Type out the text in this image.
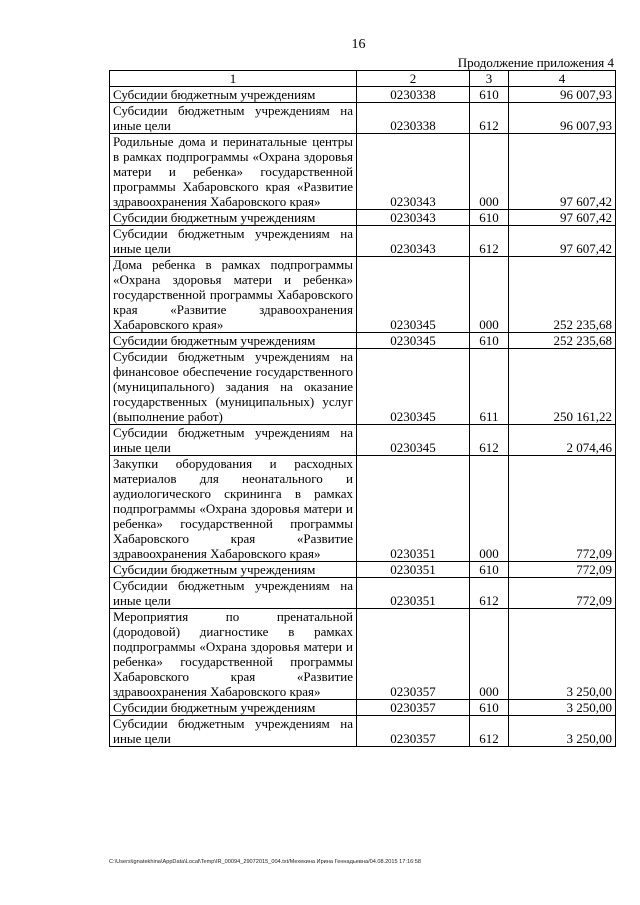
16
Продолжение приложения 4
1	2	3	4
Субсидии бюджетным учреждениям	0230338	610	96 007,93
Субсидии бюджетным учреждениям на иные цели	0230338	612	96 007,93
Родильные дома и перинатальные центры в рамках подпрограммы «Охрана здоровья матери и ребенка» государственной программы Хабаровского края «Развитие здравоохранения Хабаровского края»	0230343	000	97 607,42
Субсидии бюджетным учреждениям	0230343	610	97 607,42
Субсидии бюджетным учреждениям на иные цели	0230343	612	97 607,42
Дома ребенка в рамках подпрограммы «Охрана здоровья матери и ребенка» государственной программы Хабаровского края «Развитие здравоохранения Хабаровского края»	0230345	000	252 235,68
Субсидии бюджетным учреждениям	0230345	610	252 235,68
Субсидии бюджетным учреждениям на финансовое обеспечение государственного (муниципального) задания на оказание государственных (муниципальных) услуг (выполнение работ)	0230345	611	250 161,22
Субсидии бюджетным учреждениям на иные цели	0230345	612	2 074,46
Закупки оборудования и расходных материалов для неонатального и аудиологического скрининга в рамках подпрограммы «Охрана здоровья матери и ребенка» государственной программы Хабаровского края «Развитие здравоохранения Хабаровского края»	0230351	000	772,09
Субсидии бюджетным учреждениям	0230351	610	772,09
Субсидии бюджетным учреждениям на иные цели	0230351	612	772,09
Мероприятия по пренатальной (дородовой) диагностике в рамках подпрограммы «Охрана здоровья матери и ребенка» государственной программы Хабаровского края «Развитие здравоохранения Хабаровского края»	0230357	000	3 250,00
Субсидии бюджетным учреждениям	0230357	610	3 250,00
Субсидии бюджетным учреждениям на иные цели	0230357	612	3 250,00
C:\Users\ignatekhina\AppData\Local\Temp\IR_00094_29072015_004.txt/Мехекина Ирина Геннадьевна/04.08.2015 17:16:58
